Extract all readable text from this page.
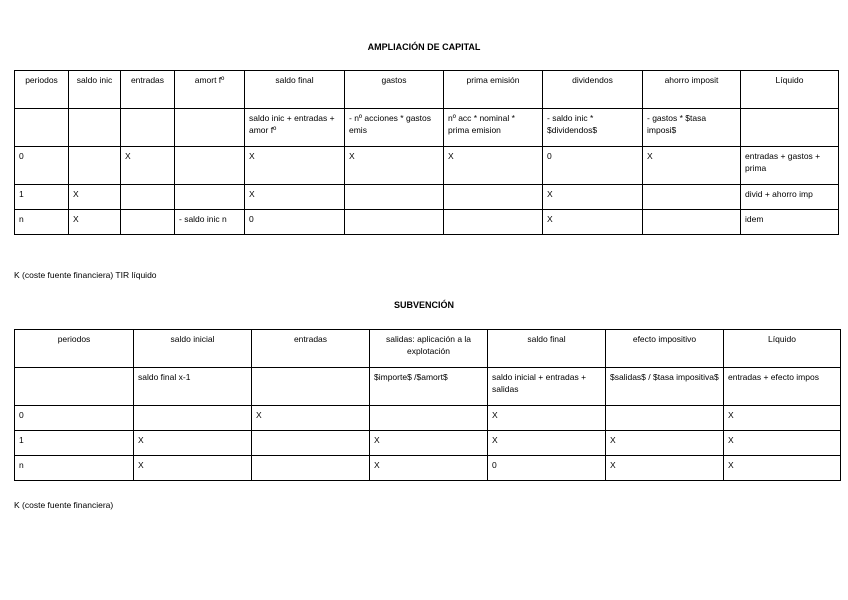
AMPLIACIÓN DE CAPITAL
periodos	saldo inic	entradas	amort fº	saldo final	gastos	prima emisión	dividendos	ahorro imposit	Líquido
				saldo inic + entradas + amor fº	- nº acciones * gastos emis	nº acc * nominal * prima emision	- saldo inic * $dividendos$	- gastos * $tasa imposi$	
0		X		X	X	X	0	X	entradas + gastos + prima
1	X			X			X		divid + ahorro imp
n	X		- saldo inic n	0			X		idem
K (coste fuente financiera) TIR líquido
SUBVENCIÓN
periodos	saldo inicial	entradas	salidas: aplicación a la explotación	saldo final	efecto impositivo	Líquido
	saldo final x-1		$importe$ /$amort$	saldo inicial + entradas + salidas	$salidas$ / $tasa impositiva$	entradas + efecto impos
0		X		X		X
1	X		X	X	X	X
n	X		X	0	X	X
K (coste fuente financiera)
